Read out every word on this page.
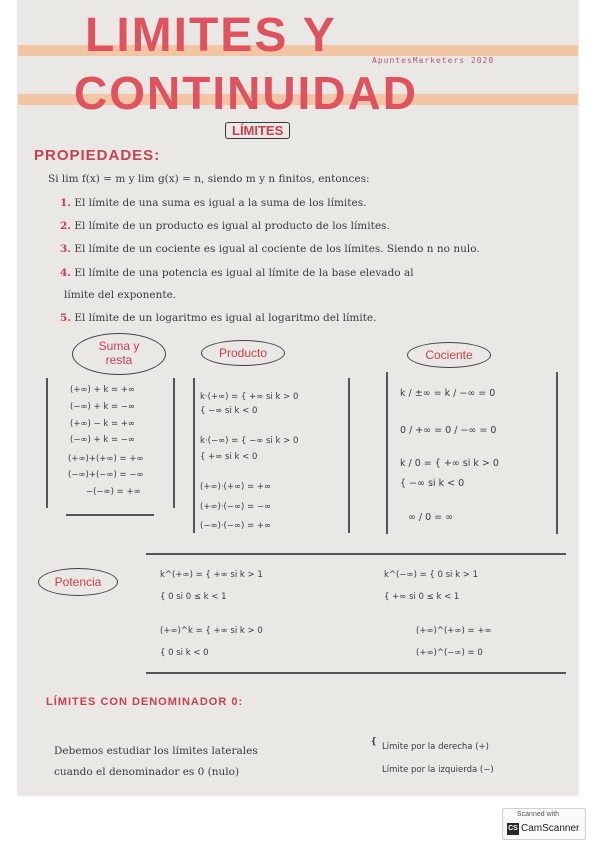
LIMITES Y
CONTINUIDAD
ApuntesMarketers 2020
LÍMITES
PROPIEDADES:
Si lim f(x) = m y lim g(x) = n, siendo m y n finitos, entonces:
1. El límite de una suma es igual a la suma de los límites.
2. El límite de un producto es igual al producto de los límites.
3. El límite de un cociente es igual al cociente de los límites. Siendo n no nulo.
4. El límite de una potencia es igual al límite de la base elevado al
límite del exponente.
5. El límite de un logaritmo es igual al logaritmo del límite.
Suma y
resta
(+∞) + k = +∞
(−∞) + k = −∞
(+∞) − k = +∞
(−∞) + k = −∞
(+∞)+(+∞) = +∞
(−∞)+(−∞) = −∞
−(−∞) = +∞
Producto
k·(+∞) = { +∞ si k > 0
{ −∞ si k < 0
k·(−∞) = { −∞ si k > 0
{ +∞ si k < 0
(+∞)·(+∞) = +∞
(+∞)·(−∞) = −∞
(−∞)·(−∞) = +∞
Cociente
k / ±∞ = k / −∞ = 0
0 / +∞ = 0 / −∞ = 0
k / 0 = { +∞ si k > 0
{ −∞ si k < 0
∞ / 0 = ∞
Potencia	k^(+∞) = { +∞ si k > 1
{ 0 si 0 ≤ k < 1
k^(−∞) = { 0 si k > 1
{ +∞ si 0 ≤ k < 1
(+∞)^k = { +∞ si k > 0
{ 0 si k < 0
(+∞)^(+∞) = +∞
(+∞)^(−∞) = 0
LÍMITES CON DENOMINADOR 0:
Debemos estudiar los límites laterales
cuando el denominador es 0 (nulo)
❴ Límite por la derecha (+)
Límite por la izquierda (−)
Scanned with
CS CamScanner
